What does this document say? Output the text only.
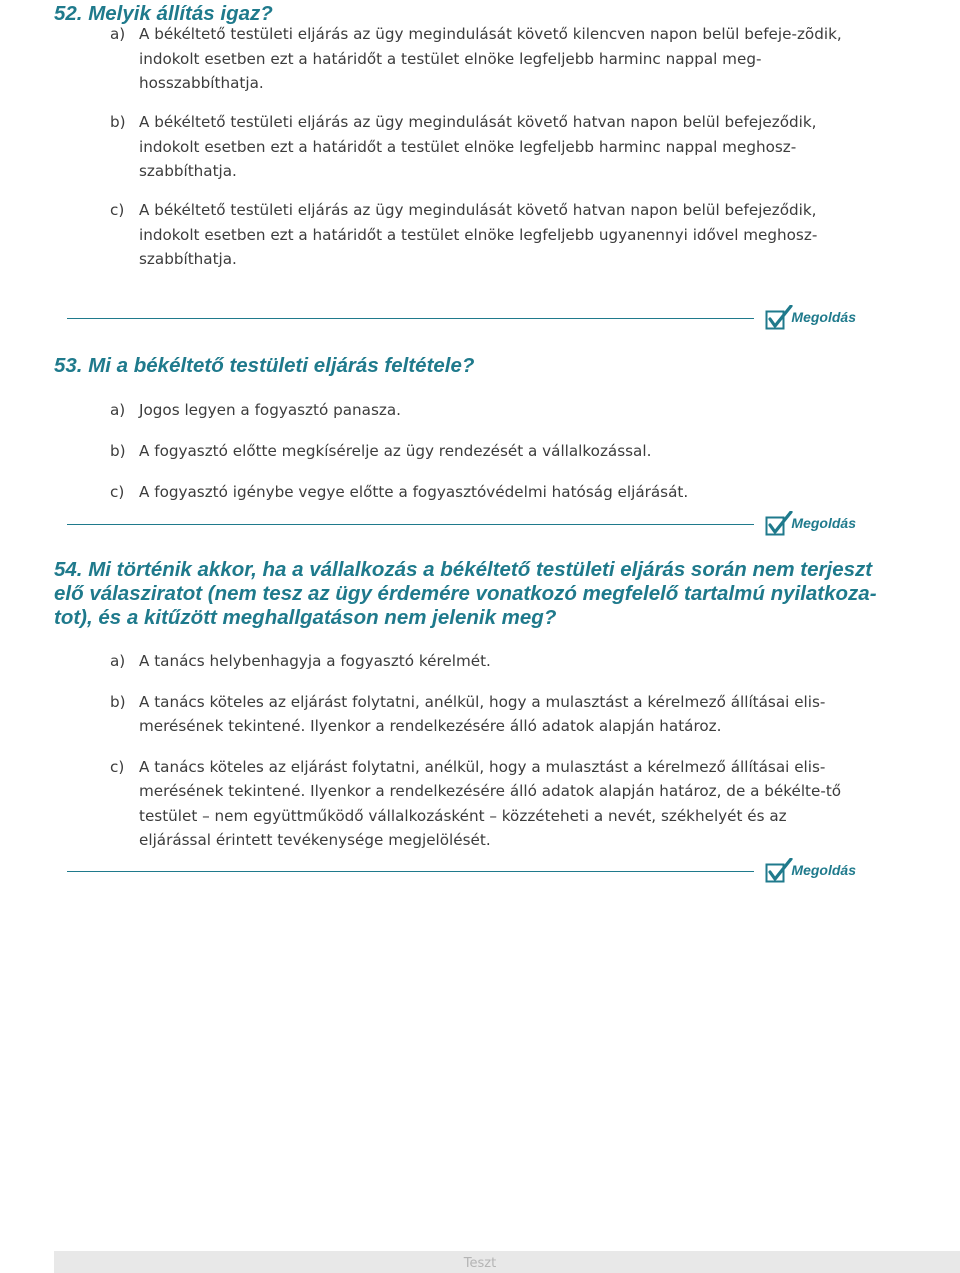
52. Melyik állítás igaz?
a) A békéltető testületi eljárás az ügy megindulását követő kilencven napon belül befeje-zõdik, indokolt esetben ezt a határidőt a testület elnöke legfeljebb harminc nappal meg-hosszabbíthatja.
b) A békéltető testületi eljárás az ügy megindulását követő hatvan napon belül befejeződik, indokolt esetben ezt a határidőt a testület elnöke legfeljebb harminc nappal meghosz-szabbíthatja.
c) A békéltető testületi eljárás az ügy megindulását követő hatvan napon belül befejeződik, indokolt esetben ezt a határidőt a testület elnöke legfeljebb ugyanennyi idővel meghosz-szabbíthatja.
Megoldás
53. Mi a békéltető testületi eljárás feltétele?
a) Jogos legyen a fogyasztó panasza.
b) A fogyasztó előtte megkísérelje az ügy rendezését a vállalkozással.
c) A fogyasztó igénybe vegye előtte a fogyasztóvédelmi hatóság eljárását.
Megoldás
54. Mi történik akkor, ha a vállalkozás a békéltető testületi eljárás során nem terjeszt elő válasziratot (nem tesz az ügy érdemére vonatkozó megfelelő tartalmú nyilatkoza-tot), és a kitűzött meghallgatáson nem jelenik meg?
a) A tanács helybenhagyja a fogyasztó kérelmét.
b) A tanács köteles az eljárást folytatni, anélkül, hogy a mulasztást a kérelmező állításai elis-merésének tekintené. Ilyenkor a rendelkezésére álló adatok alapján határoz.
c) A tanács köteles az eljárást folytatni, anélkül, hogy a mulasztást a kérelmező állításai elis-merésének tekintené. Ilyenkor a rendelkezésére álló adatok alapján határoz, de a békélte-tő testület – nem együttműködő vállalkozásként – közzéteheti a nevét, székhelyét és az eljárással érintett tevékenysége megjelölését.
Megoldás
Teszt
